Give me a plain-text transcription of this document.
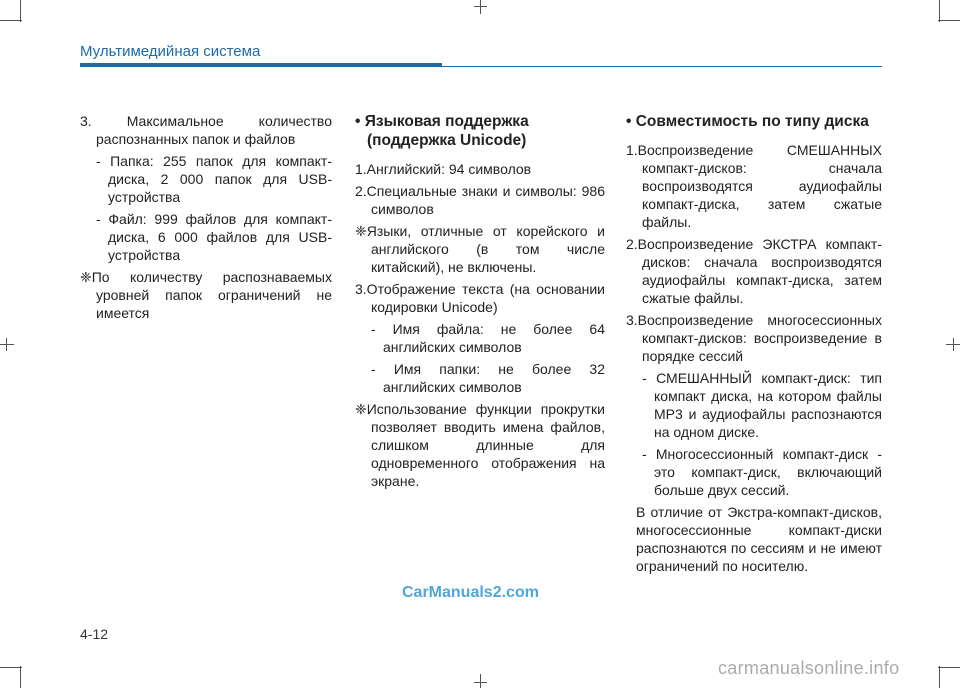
Мультимедийная система

3. Максимальное количество распознанных папок и файлов

- Папка: 255 папок для компакт-диска, 2 000 папок для USB-устройства

- Файл: 999 файлов для компакт-диска, 6 000 файлов для USB-устройства

❈По количеству распознаваемых уровней папок ограничений не имеется

• Языковая поддержка (поддержка Unicode)

1.Английский: 94 символов

2.Специальные знаки и символы: 986 символов

❈Языки, отличные от корейского и английского (в том числе китайский), не включены.

3.Отображение текста (на основании кодировки Unicode)

- Имя файла: не более 64 английских символов

- Имя папки: не более 32 английских символов

❈Использование функции прокрутки позволяет вводить имена файлов, слишком длинные для одновременного отображения на экране.

• Совместимость по типу диска

1.Воспроизведение СМЕШАННЫХ компакт-дисков: сначала воспроизводятся аудиофайлы компакт-диска, затем сжатые файлы.

2.Воспроизведение ЭКСТРА компакт-дисков: сначала воспроизводятся аудиофайлы компакт-диска, затем сжатые файлы.

3.Воспроизведение многосессионных компакт-дисков: воспроизведение в порядке сессий

- СМЕШАННЫЙ компакт-диск: тип компакт диска, на котором файлы MP3 и аудиофайлы распознаются на одном диске.

- Многосессионный компакт-диск - это компакт-диск, включающий больше двух сессий.

В отличие от Экстра-компакт-дисков, многосессионные компакт-диски распознаются по сессиям и не имеют ограничений по носителю.

CarManuals2.com
4-12
carmanualsonline.info
